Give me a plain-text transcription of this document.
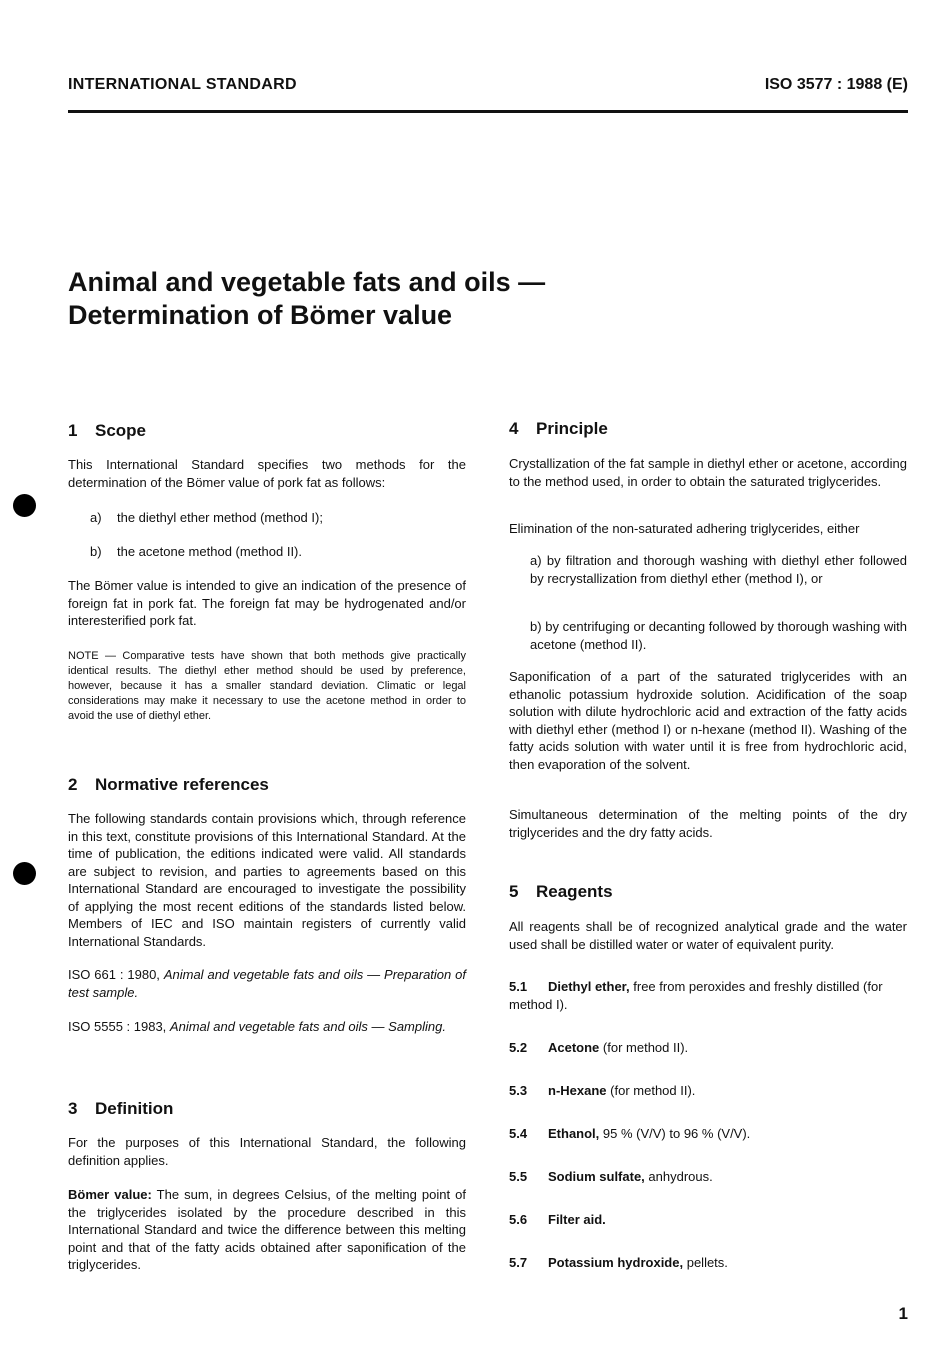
INTERNATIONAL STANDARD	ISO 3577 : 1988 (E)
Animal and vegetable fats and oils —
Determination of Bömer value
1 Scope
This International Standard specifies two methods for the determination of the Bömer value of pork fat as follows:
a) the diethyl ether method (method I);
b) the acetone method (method II).
The Bömer value is intended to give an indication of the presence of foreign fat in pork fat. The foreign fat may be hydrogenated and/or interesterified pork fat.
NOTE — Comparative tests have shown that both methods give practically identical results. The diethyl ether method should be used by preference, however, because it has a smaller standard deviation. Climatic or legal considerations may make it necessary to use the acetone method in order to avoid the use of diethyl ether.
2 Normative references
The following standards contain provisions which, through reference in this text, constitute provisions of this International Standard. At the time of publication, the editions indicated were valid. All standards are subject to revision, and parties to agreements based on this International Standard are encouraged to investigate the possibility of applying the most recent editions of the standards listed below. Members of IEC and ISO maintain registers of currently valid International Standards.
ISO 661 : 1980, Animal and vegetable fats and oils — Preparation of test sample.
ISO 5555 : 1983, Animal and vegetable fats and oils — Sampling.
3 Definition
For the purposes of this International Standard, the following definition applies.
Bömer value: The sum, in degrees Celsius, of the melting point of the triglycerides isolated by the procedure described in this International Standard and twice the difference between this melting point and that of the fatty acids obtained after saponification of the triglycerides.
4 Principle
Crystallization of the fat sample in diethyl ether or acetone, according to the method used, in order to obtain the saturated triglycerides.
Elimination of the non-saturated adhering triglycerides, either
a) by filtration and thorough washing with diethyl ether followed by recrystallization from diethyl ether (method I), or
b) by centrifuging or decanting followed by thorough washing with acetone (method II).
Saponification of a part of the saturated triglycerides with an ethanolic potassium hydroxide solution. Acidification of the soap solution with dilute hydrochloric acid and extraction of the fatty acids with diethyl ether (method I) or n-hexane (method II). Washing of the fatty acids solution with water until it is free from hydrochloric acid, then evaporation of the solvent.
Simultaneous determination of the melting points of the dry triglycerides and the dry fatty acids.
5 Reagents
All reagents shall be of recognized analytical grade and the water used shall be distilled water or water of equivalent purity.
5.1 Diethyl ether, free from peroxides and freshly distilled (for method I).
5.2 Acetone (for method II).
5.3 n-Hexane (for method II).
5.4 Ethanol, 95 % (V/V) to 96 % (V/V).
5.5 Sodium sulfate, anhydrous.
5.6 Filter aid.
5.7 Potassium hydroxide, pellets.
1
